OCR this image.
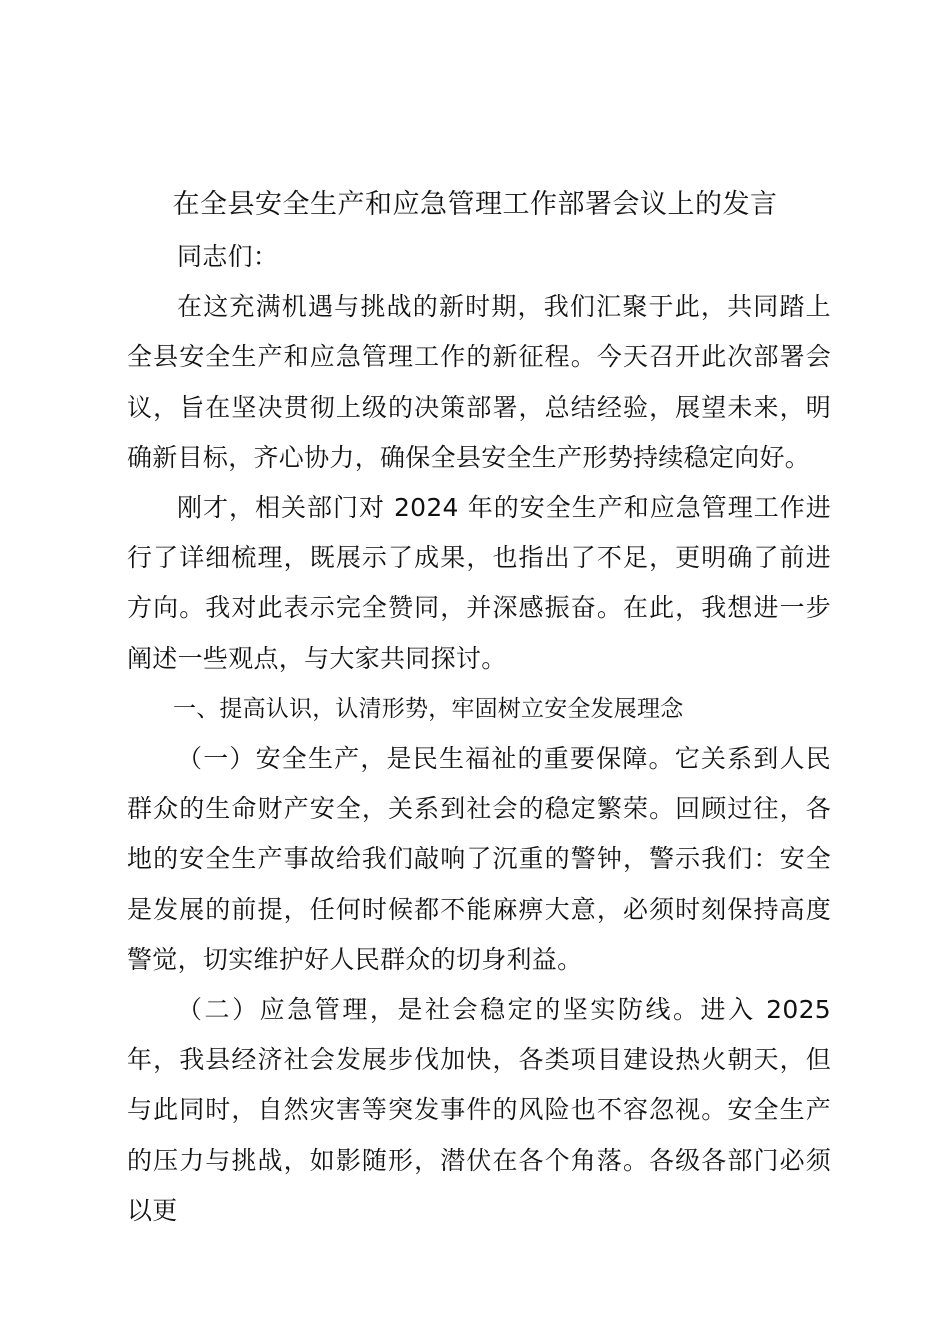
在全县安全生产和应急管理工作部署会议上的发言

同志们：

在这充满机遇与挑战的新时期，我们汇聚于此，共同踏上全县安全生产和应急管理工作的新征程。今天召开此次部署会议，旨在坚决贯彻上级的决策部署，总结经验，展望未来，明确新目标，齐心协力，确保全县安全生产形势持续稳定向好。

刚才，相关部门对 2024 年的安全生产和应急管理工作进行了详细梳理，既展示了成果，也指出了不足，更明确了前进方向。我对此表示完全赞同，并深感振奋。在此，我想进一步阐述一些观点，与大家共同探讨。

一、提高认识，认清形势，牢固树立安全发展理念

（一）安全生产，是民生福祉的重要保障。它关系到人民群众的生命财产安全，关系到社会的稳定繁荣。回顾过往，各地的安全生产事故给我们敲响了沉重的警钟，警示我们：安全是发展的前提，任何时候都不能麻痹大意，必须时刻保持高度警觉，切实维护好人民群众的切身利益。

（二）应急管理，是社会稳定的坚实防线。进入 2025 年，我县经济社会发展步伐加快，各类项目建设热火朝天，但与此同时，自然灾害等突发事件的风险也不容忽视。安全生产的压力与挑战，如影随形，潜伏在各个角落。各级各部门必须以更
